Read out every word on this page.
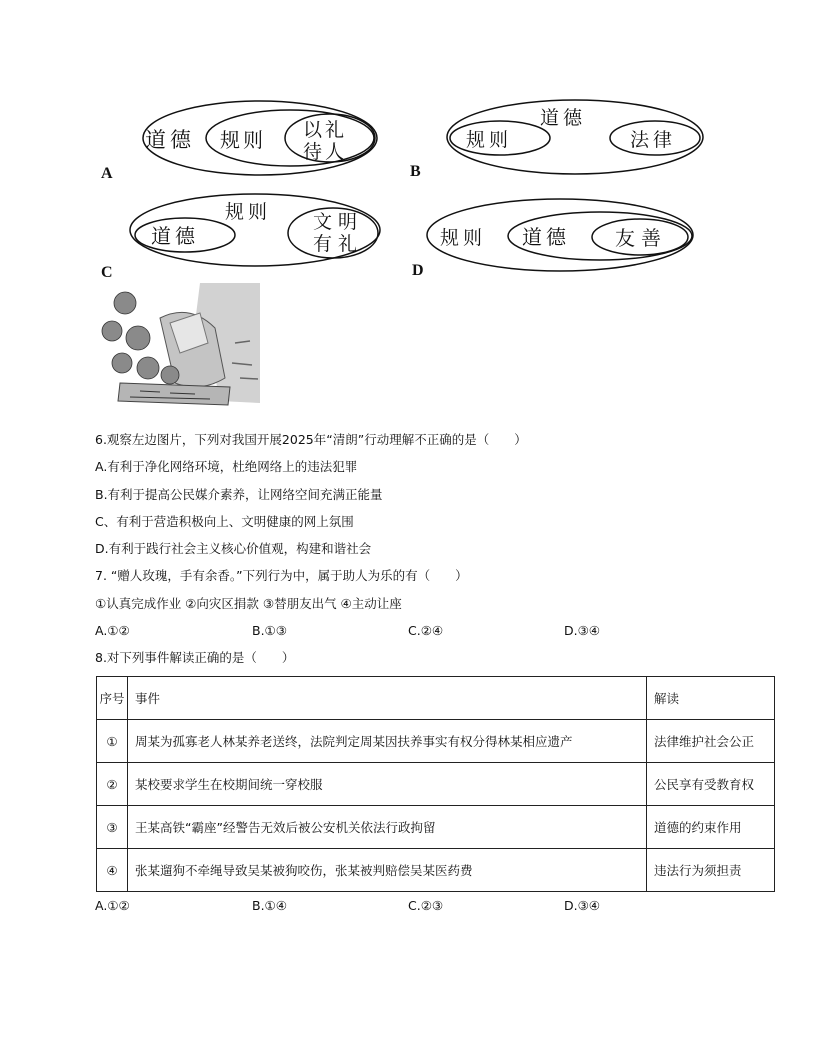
A	B
C	D
道德 规则 以礼
待人
道德
规则	法律
规则
道德
文明
有礼	规则 道德 友善
6.观察左边图片，下列对我国开展2025年“清朗”行动理解不正确的是（　　）
A.有利于净化网络环境，杜绝网络上的违法犯罪
B.有利于提高公民媒介素养，让网络空间充满正能量
C、有利于营造积极向上、文明健康的网上氛围
D.有利于践行社会主义核心价值观，构建和谐社会
7. “赠人玫瑰，手有余香。”下列行为中，属于助人为乐的有（　　）
①认真完成作业 ②向灾区捐款 ③替朋友出气 ④主动让座
A.①②	B.①③	C.②④	D.③④
8.对下列事件解读正确的是（　　）
序号	事件	解读
①	周某为孤寡老人林某养老送终，法院判定周某因扶养事实有权分得林某相应遗产	法律维护社会公正
②	某校要求学生在校期间统一穿校服	公民享有受教育权
③	王某高铁“霸座”经警告无效后被公安机关依法行政拘留	道德的约束作用
④	张某遛狗不牵绳导致吴某被狗咬伤，张某被判赔偿吴某医药费	违法行为须担责
A.①②	B.①④	C.②③	D.③④
